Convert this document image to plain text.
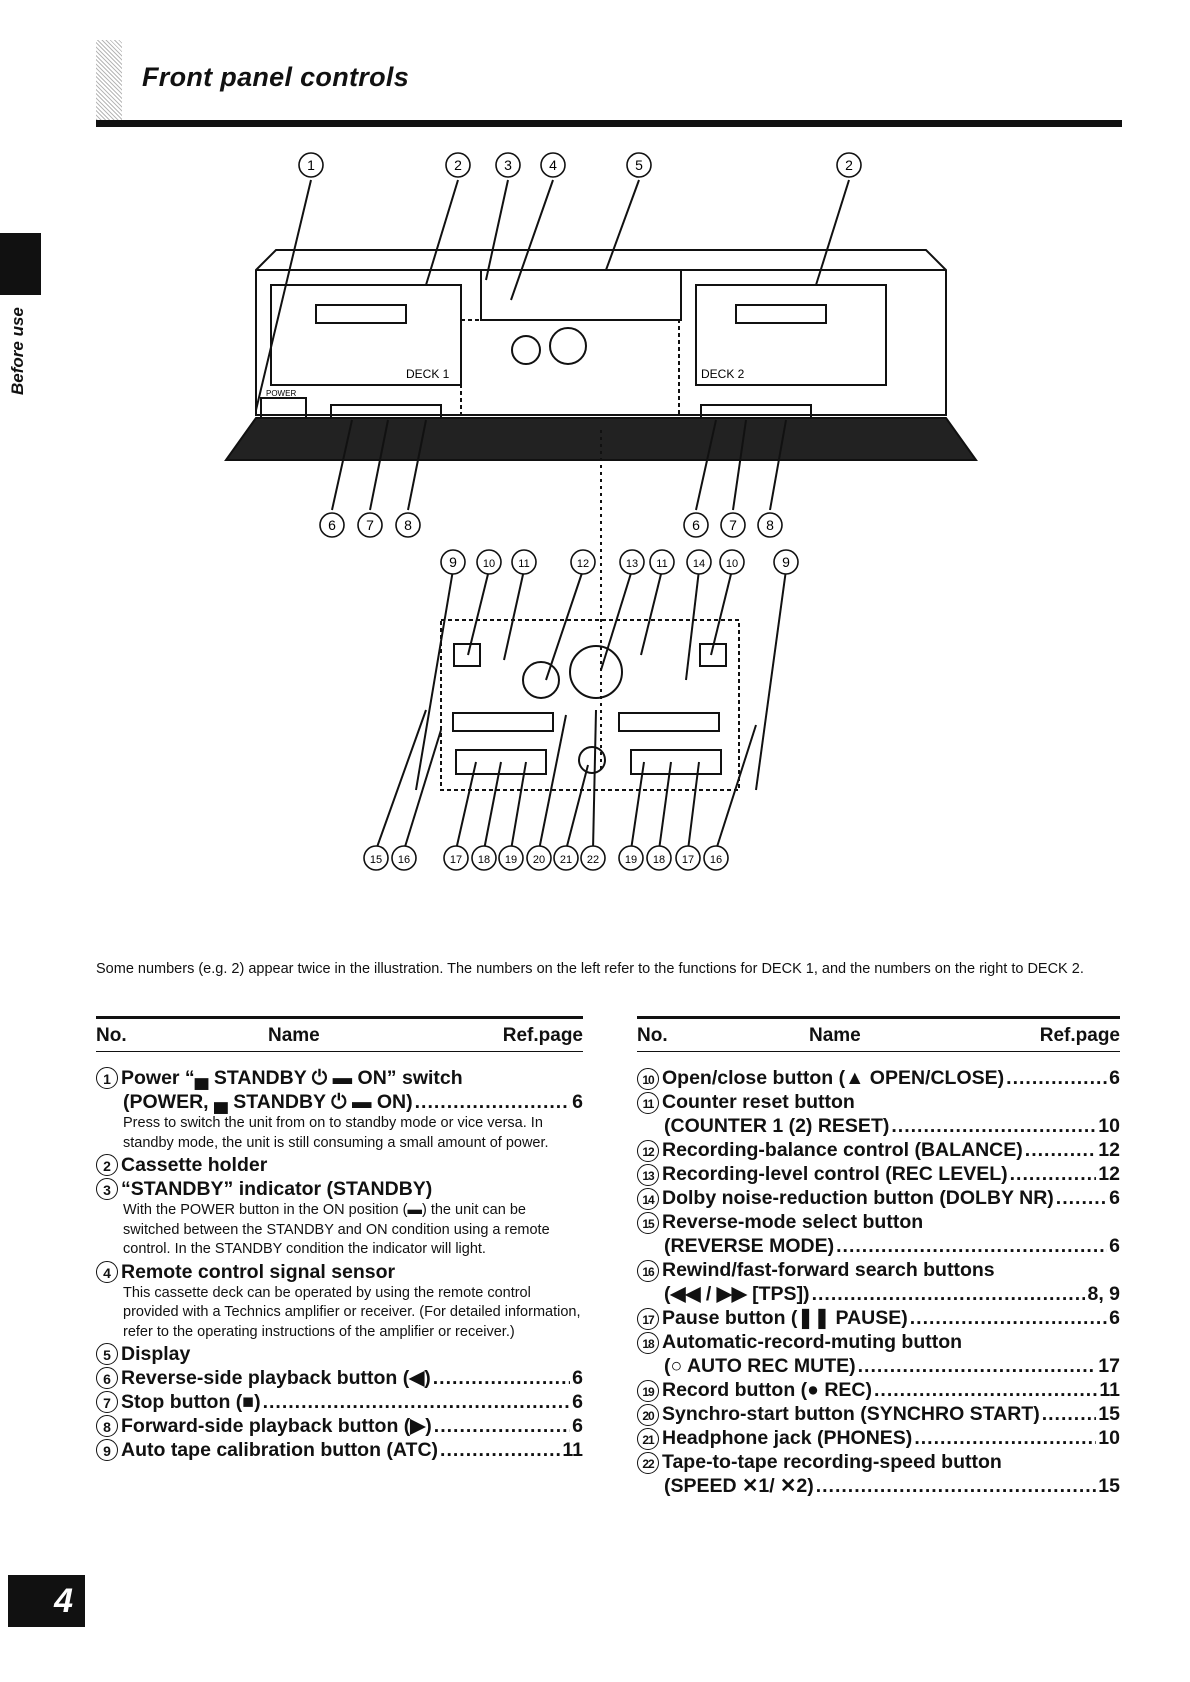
Front panel controls
Before use	DECK 1	DECK 2
POWER
1	2	3	4	5	2
6 7 8	6 7 8
9 10 11	12	13 11 14 10	9
15 16	17 18 19 20 21 22 19 18 17 16
Some numbers (e.g. 2) appear twice in the illustration. The numbers on the left refer to the functions for DECK 1, and the numbers on the right to DECK 2.
No.	Name	Ref.page	No.	Name	Ref.page
1 Power “▄ STANDBY ⏻ ▬ ON” switch
(POWER, ▄ STANDBY ⏻ ▬ ON) .....	6
Press to switch the unit from on to standby mode or vice versa. In standby mode, the unit is still consuming a small amount of power.
2 Cassette holder
3 “STANDBY” indicator (STANDBY)
With the POWER button in the ON position (▬) the unit can be switched between the STANDBY and ON condition using a remote control. In the STANDBY condition the indicator will light.
4 Remote control signal sensor
This cassette deck can be operated by using the remote control provided with a Technics amplifier or receiver. (For detailed information, refer to the operating instructions of the amplifier or receiver.)
5 Display
6 Reverse-side playback button (◀) .....	6
7 Stop button (■) .....	6
8 Forward-side playback button (▶) .....	6
9 Auto tape calibration button (ATC) .....	11
10 Open/close button (▲ OPEN/CLOSE) .....	6
11 Counter reset button
(COUNTER 1 (2) RESET) .....	10
12 Recording-balance control (BALANCE) .....	12
13 Recording-level control (REC LEVEL) .....	12
14 Dolby noise-reduction button (DOLBY NR) .....	6
15 Reverse-mode select button
(REVERSE MODE) .....	6
16 Rewind/fast-forward search buttons
(◀◀ / ▶▶ [TPS]) .....	8, 9
17 Pause button (❚❚ PAUSE) .....	6
18 Automatic-record-muting button
(○ AUTO REC MUTE) .....	17
19 Record button (● REC) .....	11
20 Synchro-start button (SYNCHRO START) .....	15
21 Headphone jack (PHONES) .....	10
22 Tape-to-tape recording-speed button
(SPEED ✕1/ ✕2) .....	15
4
